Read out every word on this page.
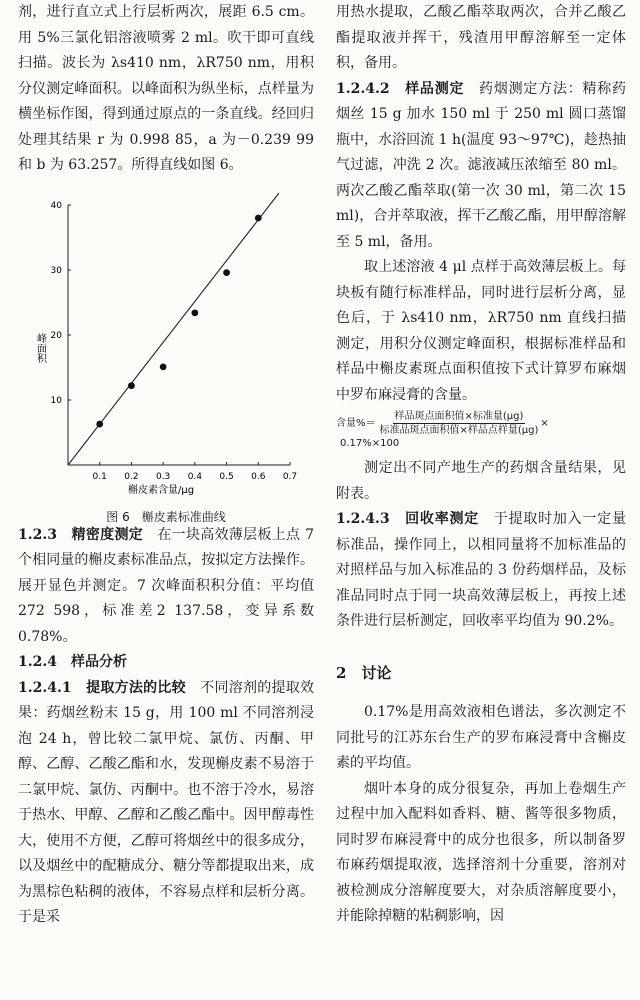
剂，进行直立式上行层析两次，展距 6.5 cm。用 5%三氯化铝溶液喷雾 2 ml。吹干即可直线扫描。波长为 λs410 nm，λR750 nm，用积分仪测定峰面积。以峰面积为纵坐标，点样量为横坐标作图，得到通过原点的一条直线。经回归处理其结果 r 为 0.998 85，a 为－0.239 99和 b 为 63.257。所得直线如图 6。

0.1 0.2 0.3 0.4 0.5 0.6 0.7
10
20
30
40
峰面积
槲皮素含量/μg
图 6　槲皮素标准曲线

1.2.3　精密度测定　 在一块高效薄层板上点 7 个相同量的槲皮素标准品点，按拟定方法操作。展开显色并测定。7 次峰面积积分值：平均值 272 598，标准差2 137.58，变异系数 0.78%。

1.2.4　样品分析

1.2.4.1　提取方法的比较　 不同溶剂的提取效果：药烟丝粉末 15 g，用 100 ml 不同溶剂浸泡 24 h，曾比较二氯甲烷、氯仿、丙酮、甲醇、乙醇、乙酸乙酯和水，发现槲皮素不易溶于二氯甲烷、氯仿、丙酮中。也不溶于冷水，易溶于热水、甲醇、乙醇和乙酸乙酯中。因甲醇毒性大，使用不方便，乙醇可将烟丝中的很多成分，以及烟丝中的配糖成分、糖分等都提取出来，成为黑棕色粘稠的液体，不容易点样和层析分离。于是采

用热水提取，乙酸乙酯萃取两次，合并乙酸乙酯提取液并挥干，残渣用甲醇溶解至一定体积，备用。

1.2.4.2　样品测定　 药烟测定方法：精称药烟丝 15 g 加水 150 ml 于 250 ml 圆口蒸馏瓶中，水浴回流 1 h(温度 93～97℃)，趁热抽气过滤，冲洗 2 次。滤液减压浓缩至 80 ml。两次乙酸乙酯萃取(第一次 30 ml，第二次 15 ml)，合并萃取液，挥干乙酸乙酯，用甲醇溶解至 5 ml，备用。

取上述溶液 4 μl 点样于高效薄层板上。每块板有随行标准样品，同时进行层析分离，显色后，于 λs410 nm，λR750 nm 直线扫描测定，用积分仪测定峰面积，根据标准样品和样品中槲皮素斑点面积值按下式计算罗布麻烟中罗布麻浸膏的含量。

含量%＝ $\frac{\text{样品斑点面积值×标准量(μg)}}{\text{标准品斑点面积值×样品点样量(μg)}}$ ×
0.17%×100

测定出不同产地生产的药烟含量结果，见附表。

1.2.4.3　回收率测定　 于提取时加入一定量标准品，操作同上，以相同量将不加标准品的对照样品与加入标准品的 3 份药烟样品，及标准品同时点于同一块高效薄层板上，再按上述条件进行层析测定，回收率平均值为 90.2%。

2　讨论

0.17%是用高效液相色谱法，多次测定不同批号的江苏东台生产的罗布麻浸膏中含槲皮素的平均值。

烟叶本身的成分很复杂，再加上卷烟生产过程中加入配料如香料、糖、酱等很多物质，同时罗布麻浸膏中的成分也很多，所以制备罗布麻药烟提取液，选择溶剂十分重要，溶剂对被检测成分溶解度要大，对杂质溶解度要小，并能除掉糖的粘稠影响，因
